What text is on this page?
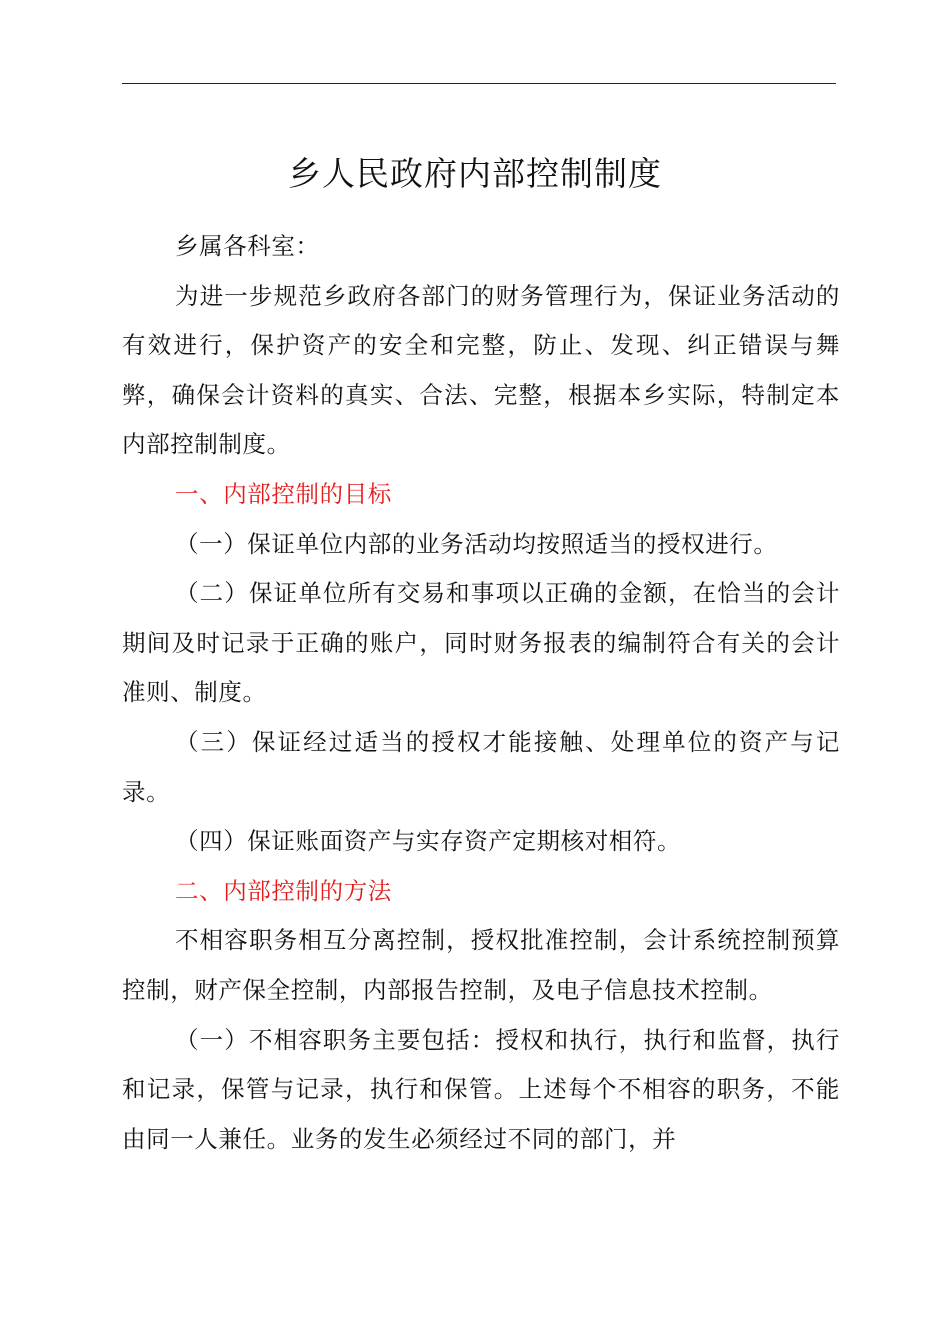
乡人民政府内部控制制度

乡属各科室：

为进一步规范乡政府各部门的财务管理行为，保证业务活动的有效进行，保护资产的安全和完整，防止、发现、纠正错误与舞弊，确保会计资料的真实、合法、完整，根据本乡实际，特制定本内部控制制度。

一、内部控制的目标

（一）保证单位内部的业务活动均按照适当的授权进行。

（二）保证单位所有交易和事项以正确的金额，在恰当的会计期间及时记录于正确的账户，同时财务报表的编制符合有关的会计准则、制度。

（三）保证经过适当的授权才能接触、处理单位的资产与记录。

（四）保证账面资产与实存资产定期核对相符。

二、内部控制的方法

不相容职务相互分离控制，授权批准控制，会计系统控制预算控制，财产保全控制，内部报告控制，及电子信息技术控制。

（一）不相容职务主要包括：授权和执行，执行和监督，执行和记录，保管与记录，执行和保管。上述每个不相容的职务，不能由同一人兼任。业务的发生必须经过不同的部门，并
